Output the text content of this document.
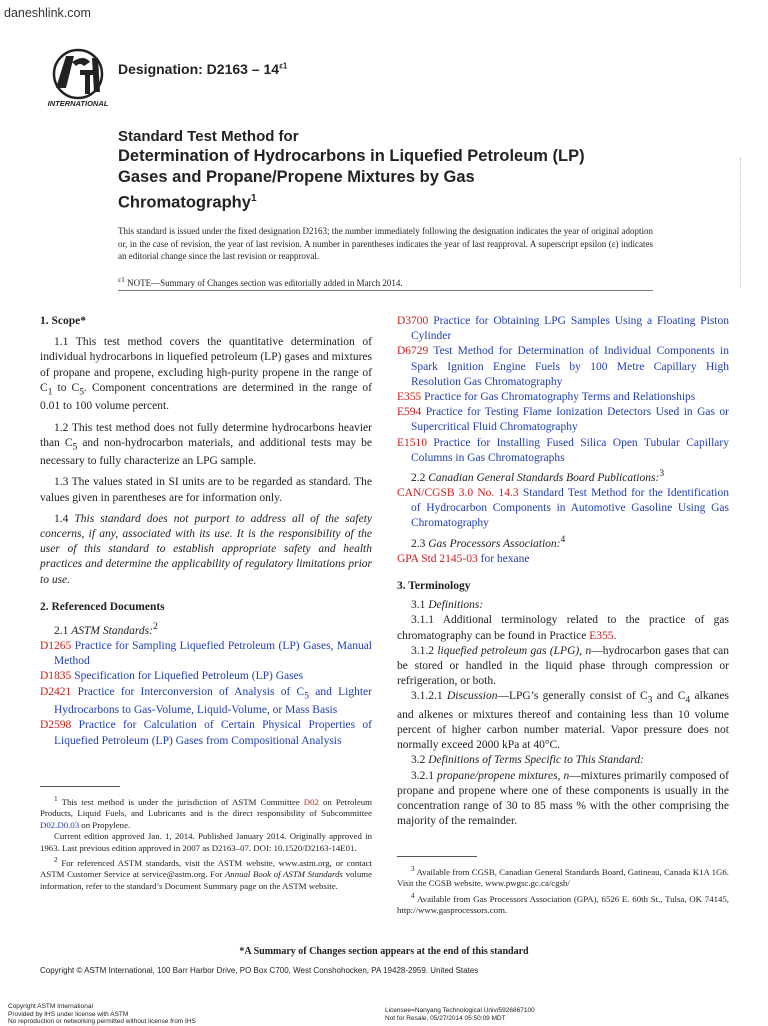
daneshlink.com
INTERNATIONAL
Designation: $D2163 - 14^{\varepsilon 1}$
Standard Test Method for
Determination of Hydrocarbons in Liquefied Petroleum (LP)
Gases and Propane/Propene Mixtures by Gas
Chromatography$^1$
This standard is issued under the fixed designation D2163; the number immediately following the designation indicates the year of original adoption or, in the case of revision, the year of last revision. A number in parentheses indicates the year of last reapproval. A superscript epsilon (ε) indicates an editorial change since the last revision or reapproval.
$^{\varepsilon 1}$ NOTE—Summary of Changes section was editorially added in March 2014.
1. Scope*

1.1 This test method covers the quantitative determination of individual hydrocarbons in liquefied petroleum (LP) gases and mixtures of propane and propene, excluding high-purity propene in the range of $C_1$ to $C_5$. Component concentrations are determined in the range of 0.01 to 100 volume percent.

1.2 This test method does not fully determine hydrocarbons heavier than $C_5$ and non-hydrocarbon materials, and additional tests may be necessary to fully characterize an LPG sample.

1.3 The values stated in SI units are to be regarded as standard. The values given in parentheses are for information only.

1.4 This standard does not purport to address all of the safety concerns, if any, associated with its use. It is the responsibility of the user of this standard to establish appropriate safety and health practices and determine the applicability of regulatory limitations prior to use.

2. Referenced Documents

2.1 ASTM Standards:$^2$

D1265 Practice for Sampling Liquefied Petroleum (LP) Gases, Manual Method

D1835 Specification for Liquefied Petroleum (LP) Gases

D2421 Practice for Interconversion of Analysis of $C_5$ and Lighter Hydrocarbons to Gas-Volume, Liquid-Volume, or Mass Basis

D2598 Practice for Calculation of Certain Physical Properties of Liquefied Petroleum (LP) Gases from Compositional Analysis

$^1$ This test method is under the jurisdiction of ASTM Committee D02 on Petroleum Products, Liquid Fuels, and Lubricants and is the direct responsibility of Subcommittee D02.D0.03 on Propylene.

Current edition approved Jan. 1, 2014. Published January 2014. Originally approved in 1963. Last previous edition approved in 2007 as D2163–07. DOI: 10.1520/D2163-14E01.

$^2$ For referenced ASTM standards, visit the ASTM website, www.astm.org, or contact ASTM Customer Service at service@astm.org. For Annual Book of ASTM Standards volume information, refer to the standard’s Document Summary page on the ASTM website.

D3700 Practice for Obtaining LPG Samples Using a Floating Piston Cylinder

D6729 Test Method for Determination of Individual Components in Spark Ignition Engine Fuels by 100 Metre Capillary High Resolution Gas Chromatography

E355 Practice for Gas Chromatography Terms and Relationships

E594 Practice for Testing Flame Ionization Detectors Used in Gas or Supercritical Fluid Chromatography

E1510 Practice for Installing Fused Silica Open Tubular Capillary Columns in Gas Chromatographs

2.2 Canadian General Standards Board Publications:$^3$

CAN/CGSB 3.0 No. 14.3 Standard Test Method for the Identification of Hydrocarbon Components in Automotive Gasoline Using Gas Chromatography

2.3 Gas Processors Association:$^4$

GPA Std 2145-03 for hexane

3. Terminology

3.1 Definitions:

3.1.1 Additional terminology related to the practice of gas chromatography can be found in Practice E355.

3.1.2 liquefied petroleum gas (LPG), n—hydrocarbon gases that can be stored or handled in the liquid phase through compression or refrigeration, or both.

3.1.2.1 Discussion—LPG’s generally consist of $C_3$ and $C_4$ alkanes and alkenes or mixtures thereof and containing less than 10 volume percent of higher carbon number material. Vapor pressure does not normally exceed 2000 kPa at 40°C.

3.2 Definitions of Terms Specific to This Standard:

3.2.1 propane/propene mixtures, n—mixtures primarily composed of propane and propene where one of these components is usually in the concentration range of 30 to 85 mass % with the other comprising the majority of the remainder.

$^3$ Available from CGSB, Canadian General Standards Board, Gatineau, Canada K1A 1G6. Visit the CGSB website, www.pwgsc.gc.ca/cgsb/

$^4$ Available from Gas Processors Association (GPA), 6526 E. 60th St., Tulsa, OK 74145, http://www.gasprocessors.com.

*A Summary of Changes section appears at the end of this standard
Copyright © ASTM International, 100 Barr Harbor Drive, PO Box C700, West Conshohocken, PA 19428-2959. United States
Copyright ASTM International
Provided by IHS under license with ASTM
No reproduction or networking permitted without license from IHS
Licensee=Nanyang Technological Univ/5926867100
Not for Resale, 05/27/2014 05:50:09 MDT
